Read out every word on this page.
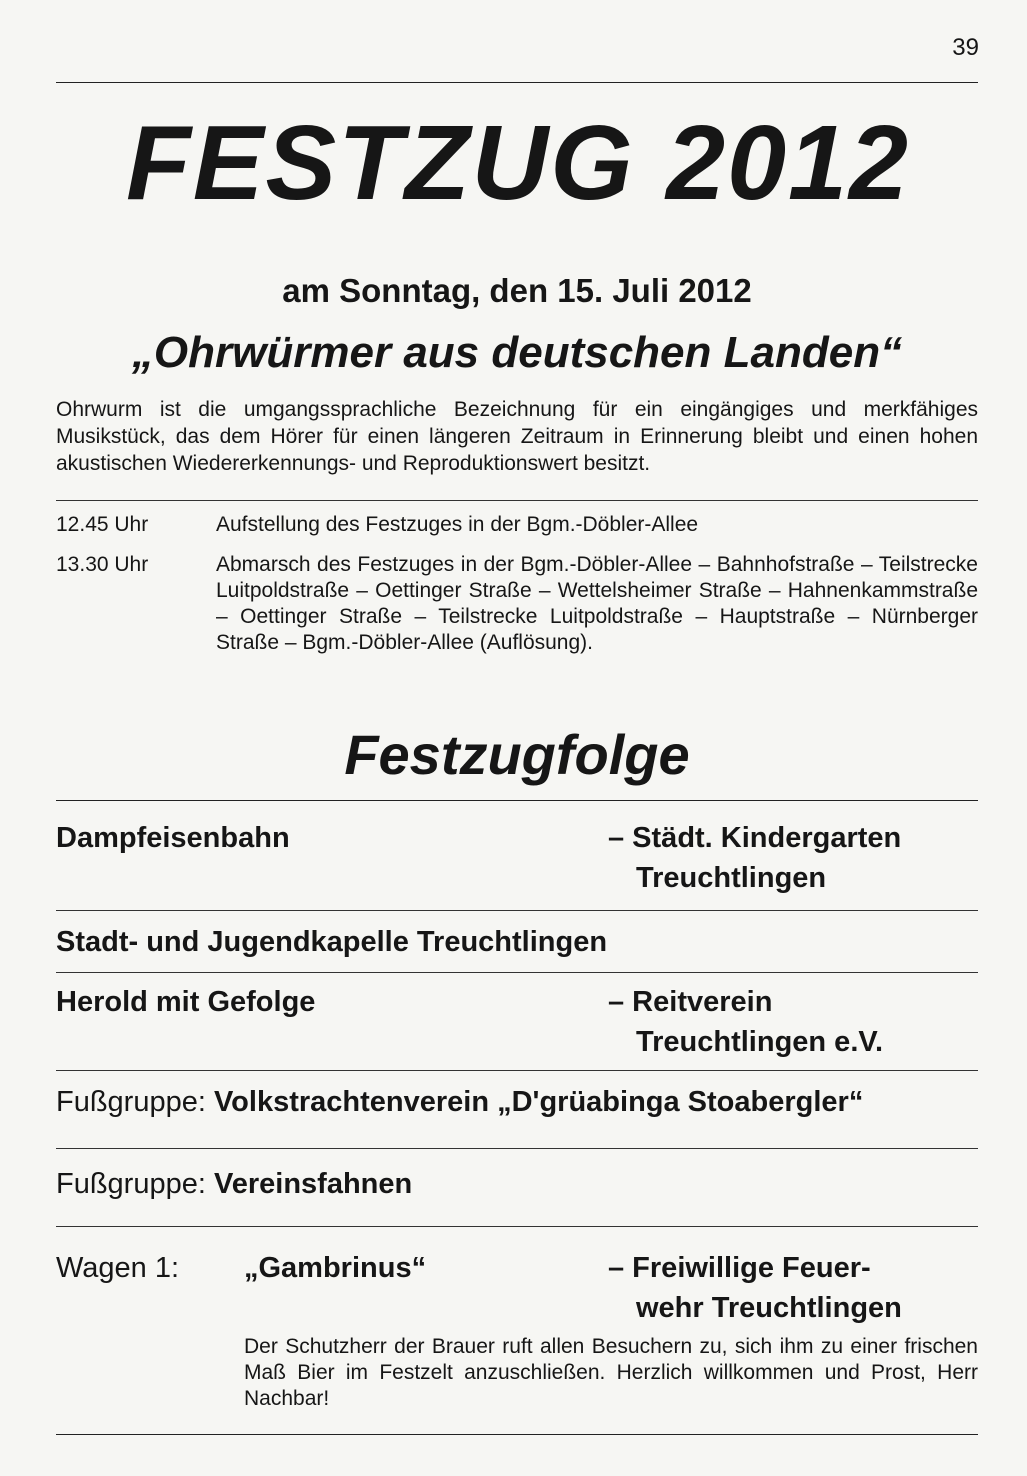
39
FESTZUG 2012
am Sonntag, den 15. Juli 2012
„Ohrwürmer aus deutschen Landen“

Ohrwurm ist die umgangssprachliche Bezeichnung für ein eingängiges und merkfähiges Musikstück, das dem Hörer für einen längeren Zeitraum in Erinnerung bleibt und einen hohen akustischen Wiedererkennungs- und Reproduktionswert besitzt.

12.45 Uhr	Aufstellung des Festzuges in der Bgm.-Döbler-Allee
13.30 Uhr	Abmarsch des Festzuges in der Bgm.-Döbler-Allee – Bahnhofstraße – Teilstrecke Luitpoldstraße – Oettinger Straße – Wettelsheimer Straße – Hahnenkammstraße – Oettinger Straße – Teilstrecke Luitpoldstraße – Hauptstraße – Nürnberger Straße – Bgm.-Döbler-Allee (Auflösung).
Festzugfolge
Dampfeisenbahn	– Städt. Kindergarten
Treuchtlingen
Stadt- und Jugendkapelle Treuchtlingen
Herold mit Gefolge	– Reitverein
Treuchtlingen e.V.
Fußgruppe: Volkstrachtenverein „D'grüabinga Stoabergler“
Fußgruppe: Vereinsfahnen
Wagen 1:	„Gambrinus“	– Freiwillige Feuer-
wehr Treuchtlingen

Der Schutzherr der Brauer ruft allen Besuchern zu, sich ihm zu einer frischen Maß Bier im Festzelt anzuschließen. Herzlich willkommen und Prost, Herr Nachbar!
